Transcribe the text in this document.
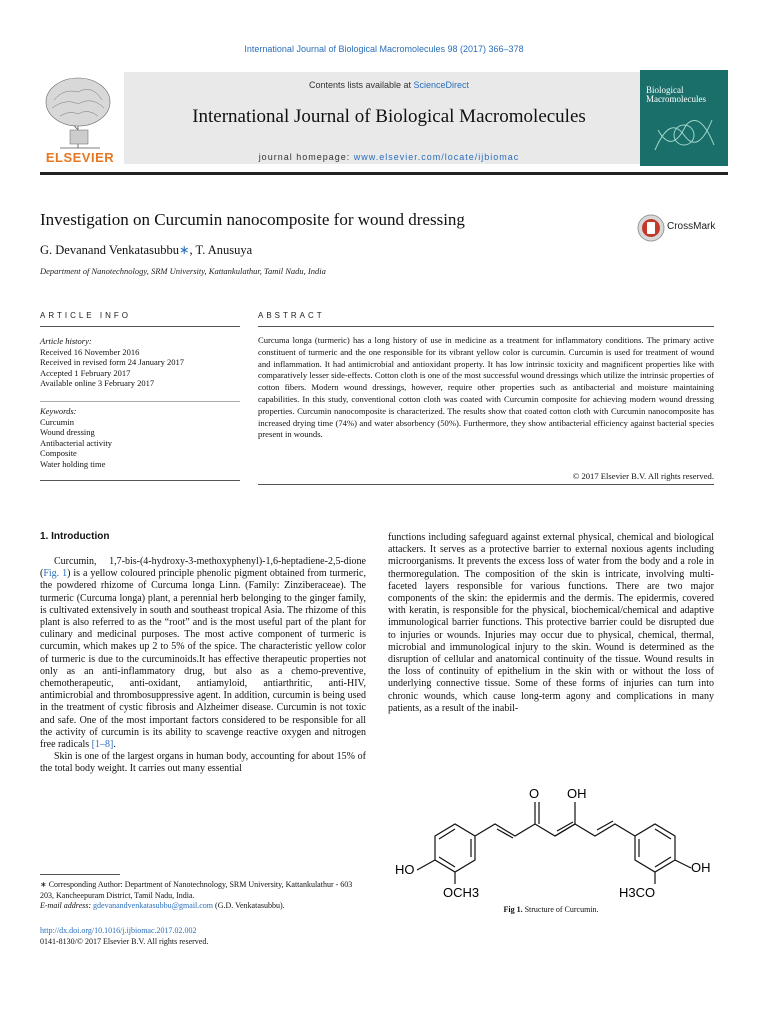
International Journal of Biological Macromolecules 98 (2017) 366–378
ELSEVIER
Contents lists available at ScienceDirect
International Journal of Biological Macromolecules
journal homepage: www.elsevier.com/locate/ijbiomac
Biological
Macromolecules
Investigation on Curcumin nanocomposite for wound dressing	CrossMark
G. Devanand Venkatasubbu∗, T. Anusuya
Department of Nanotechnology, SRM University, Kattankulathur, Tamil Nadu, India
ARTICLE INFO	ABSTRACT
Article history:
Received 16 November 2016
Received in revised form 24 January 2017
Accepted 1 February 2017
Available online 3 February 2017
Keywords:
Curcumin
Wound dressing
Antibacterial activity
Composite
Water holding time
Curcuma longa (turmeric) has a long history of use in medicine as a treatment for inflammatory conditions. The primary active constituent of turmeric and the one responsible for its vibrant yellow color is curcumin. Curcumin is used for treatment of wound and inflammation. It had antimicrobial and antioxidant property. It has low intrinsic toxicity and magnificent properties like with comparatively lesser side-effects. Cotton cloth is one of the most successful wound dressings which utilize the intrinsic properties of cotton fibers. Modern wound dressings, however, require other properties such as antibacterial and moisture maintaining capabilities. In this study, conventional cotton cloth was coated with Curcumin composite for achieving modern wound dressing properties. Curcumin nanocomposite is characterized. The results show that coated cotton cloth with Curcumin nanocomposite has increased drying time (74%) and water absorbency (50%). Furthermore, they show antibacterial efficiency against bacterial species present in wounds.
© 2017 Elsevier B.V. All rights reserved.
1. Introduction

Curcumin, 1,7-bis-(4-hydroxy-3-methoxyphenyl)-1,6-heptadiene-2,5-dione (Fig. 1) is a yellow coloured principle phenolic pigment obtained from turmeric, the powdered rhizome of Curcuma longa Linn. (Family: Zinziberaceae). The turmeric (Curcuma longa) plant, a perennial herb belonging to the ginger family, is cultivated extensively in south and southeast tropical Asia. The rhizome of this plant is also referred to as the “root” and is the most useful part of the plant for culinary and medicinal purposes. The most active component of turmeric is curcumin, which makes up 2 to 5% of the spice. The characteristic yellow color of turmeric is due to the curcuminoids.It has effective therapeutic properties not only as an anti-inflammatory drug, but also as a chemo-preventive, chemotherapeutic, anti-oxidant, antiamyloid, antiarthritic, anti-HIV, antimicrobial and thrombosuppressive agent. In addition, curcumin is being used in the treatment of cystic fibrosis and Alzheimer disease. Curcumin is not toxic and safe. One of the most important factors considered to be responsible for all the activity of curcumin is its ability to scavenge reactive oxygen and nitrogen free radicals [1–8].

Skin is one of the largest organs in human body, accounting for about 15% of the total body weight. It carries out many essential

functions including safeguard against external physical, chemical and biological attackers. It serves as a protective barrier to external noxious agents including microorganisms. It prevents the excess loss of water from the body and a role in thermoregulation. The composition of the skin is intricate, involving multi-faceted layers responsible for various functions. There are two major components of the skin: the epidermis and the dermis. The epidermis, covered with keratin, is responsible for the physical, biochemical/chemical and adaptive immunological barrier functions. This protective barrier could be disrupted due to injuries or wounds. Injuries may occur due to physical, chemical, thermal, microbial and immunological injury to the skin. Wound is determined as the disruption of cellular and anatomical continuity of the tissue. Wound results in the loss of continuity of epithelium in the skin with or without the loss of underlying connective tissue. Some of these forms of injuries can turn into chronic wounds, which cause long-term agony and complications in many patients, as a result of the inabil-

O OH
HO
OCH3
OH
H3CO
Fig 1. Structure of Curcumin.
∗ Corresponding Author: Department of Nanotechnology, SRM University, Kattankulathur - 603 203, Kancheepuram District, Tamil Nadu, India.
E-mail address: gdevanandvenkatasubbu@gmail.com (G.D. Venkatasubbu).
http://dx.doi.org/10.1016/j.ijbiomac.2017.02.002
0141-8130/© 2017 Elsevier B.V. All rights reserved.
